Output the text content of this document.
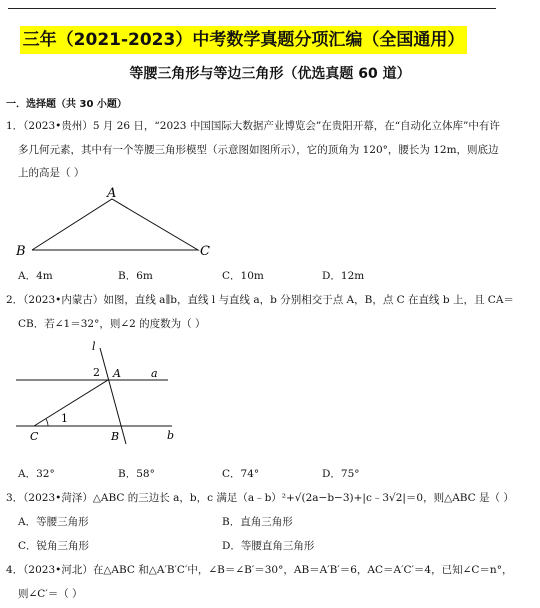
三年（2021-2023）中考数学真题分项汇编（全国通用）
等腰三角形与等边三角形（优选真题 60 道）
一．选择题（共 30 小题）
1．（2023•贵州）5 月 26 日，“2023 中国国际大数据产业博览会”在贵阳开幕，在“自动化立体库”中有许
多几何元素，其中有一个等腰三角形模型（示意图如图所示），它的顶角为 120°，腰长为 12m，则底边
上的高是（ ）
A
B	C
A．4m	B．6m	C．10m	D．12m
2．（2023•内蒙古）如图，直线 a∥b，直线 l 与直线 a，b 分别相交于点 A，B，点 C 在直线 b 上，且 CA＝
CB．若∠1＝32°，则∠2 的度数为（ ）
l
2 A	a
1
C	B	b
A．32°	B．58°	C．74°	D．75°
3．（2023•菏泽）△ABC 的三边长 a，b，c 满足（a﹣b）²+√(2a−b−3)+|c﹣3√2|＝0，则△ABC 是（ ）
A．等腰三角形	B．直角三角形
C．锐角三角形	D．等腰直角三角形
4．（2023•河北）在△ABC 和△A′B′C′中，∠B＝∠B′＝30°，AB＝A′B′＝6，AC＝A′C′＝4，已知∠C＝n°，
则∠C′＝（ ）
